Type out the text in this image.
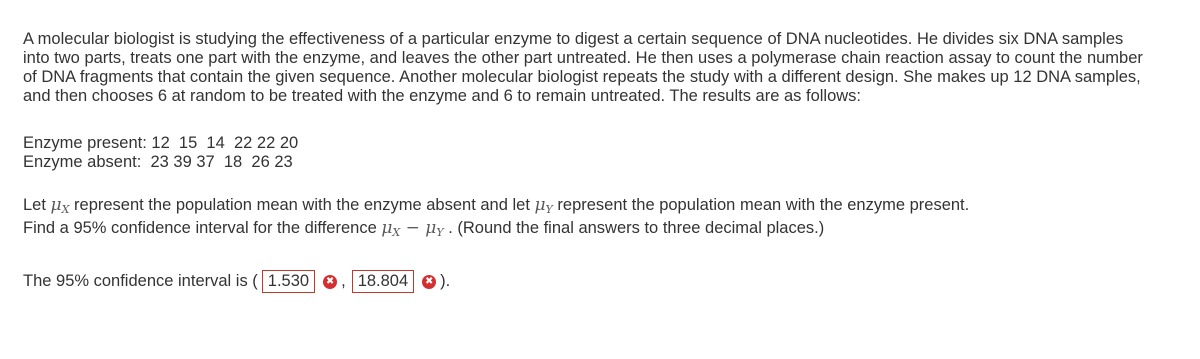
A molecular biologist is studying the effectiveness of a particular enzyme to digest a certain sequence of DNA nucleotides. He divides six DNA samples into two parts, treats one part with the enzyme, and leaves the other part untreated. He then uses a polymerase chain reaction assay to count the number of DNA fragments that contain the given sequence. Another molecular biologist repeats the study with a different design. She makes up 12 DNA samples, and then chooses 6 at random to be treated with the enzyme and 6 to remain untreated. The results are as follows:

Enzyme present: 12  15  14  22 22 20
Enzyme absent:  23 39 37  18  26 23
Let $\mu_X$ represent the population mean with the enzyme absent and let $\mu_Y$ represent the population mean with the enzyme present.
Find a 95% confidence interval for the difference $\mu_X - \mu_Y$ . (Round the final answers to three decimal places.)
The 95% confidence interval is ( 1.530	✖ , 18.804	✖ ).
